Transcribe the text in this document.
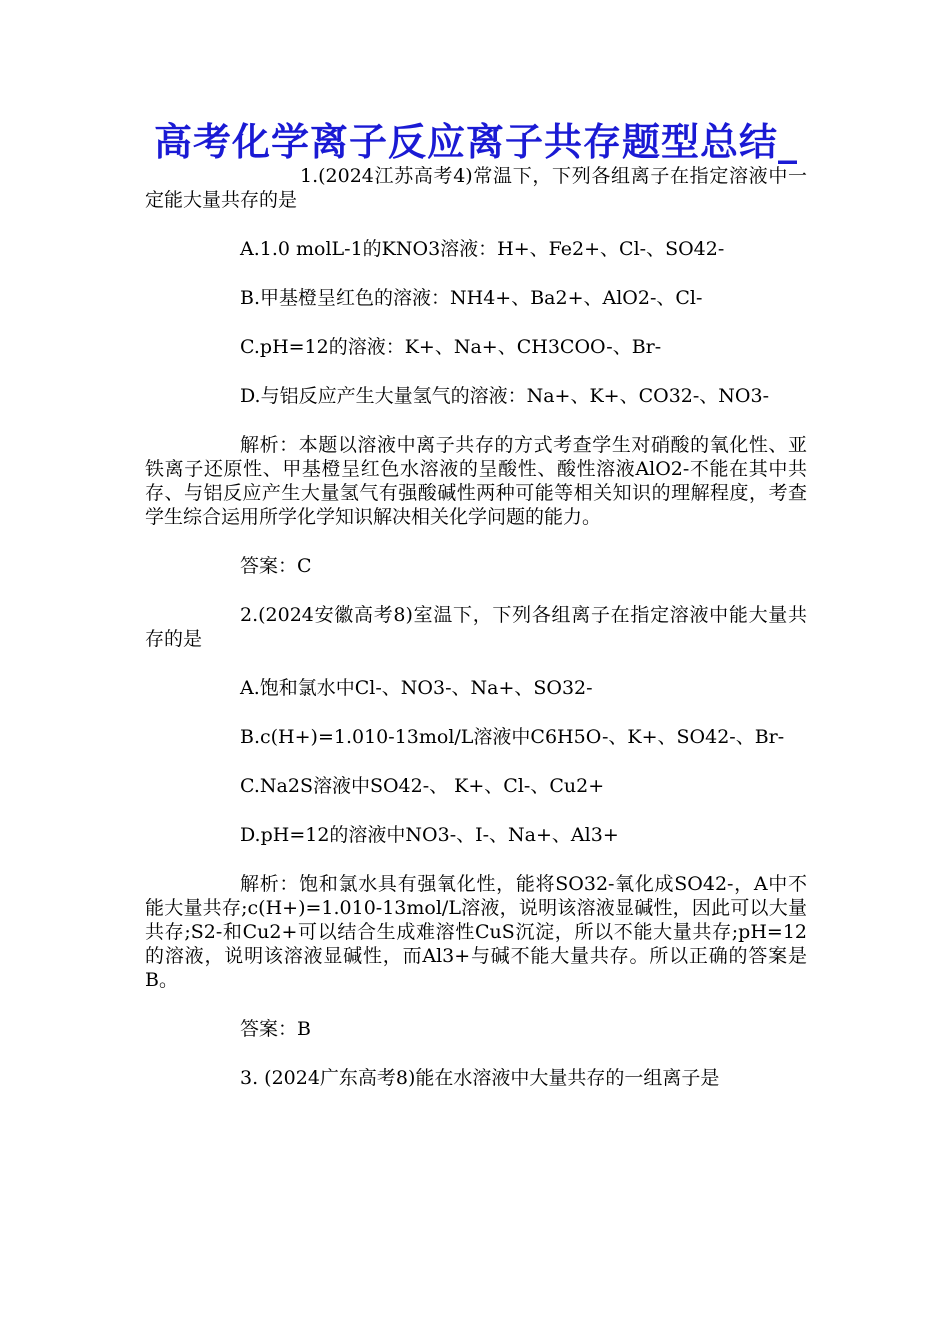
高考化学离子反应离子共存题型总结_

1.(2024江苏高考4)常温下，下列各组离子在指定溶液中一定能大量共存的是

A.1.0 molL-1的KNO3溶液：H+、Fe2+、Cl-、SO42-

B.甲基橙呈红色的溶液：NH4+、Ba2+、AlO2-、Cl-

C.pH=12的溶液：K+、Na+、CH3COO-、Br-

D.与铝反应产生大量氢气的溶液：Na+、K+、CO32-、NO3-

解析：本题以溶液中离子共存的方式考查学生对硝酸的氧化性、亚铁离子还原性、甲基橙呈红色水溶液的呈酸性、酸性溶液AlO2-不能在其中共存、与铝反应产生大量氢气有强酸碱性两种可能等相关知识的理解程度，考查学生综合运用所学化学知识解决相关化学问题的能力。

答案：C

2.(2024安徽高考8)室温下，下列各组离子在指定溶液中能大量共存的是

A.饱和氯水中Cl-、NO3-、Na+、SO32-

B.c(H+)=1.010-13mol/L溶液中C6H5O-、K+、SO42-、Br-

C.Na2S溶液中SO42-、 K+、Cl-、Cu2+

D.pH=12的溶液中NO3-、I-、Na+、Al3+

解析：饱和氯水具有强氧化性，能将SO32-氧化成SO42-，A中不能大量共存;c(H+)=1.010-13mol/L溶液，说明该溶液显碱性，因此可以大量共存;S2-和Cu2+可以结合生成难溶性CuS沉淀，所以不能大量共存;pH=12的溶液，说明该溶液显碱性，而Al3+与碱不能大量共存。所以正确的答案是B。

答案：B

3. (2024广东高考8)能在水溶液中大量共存的一组离子是
